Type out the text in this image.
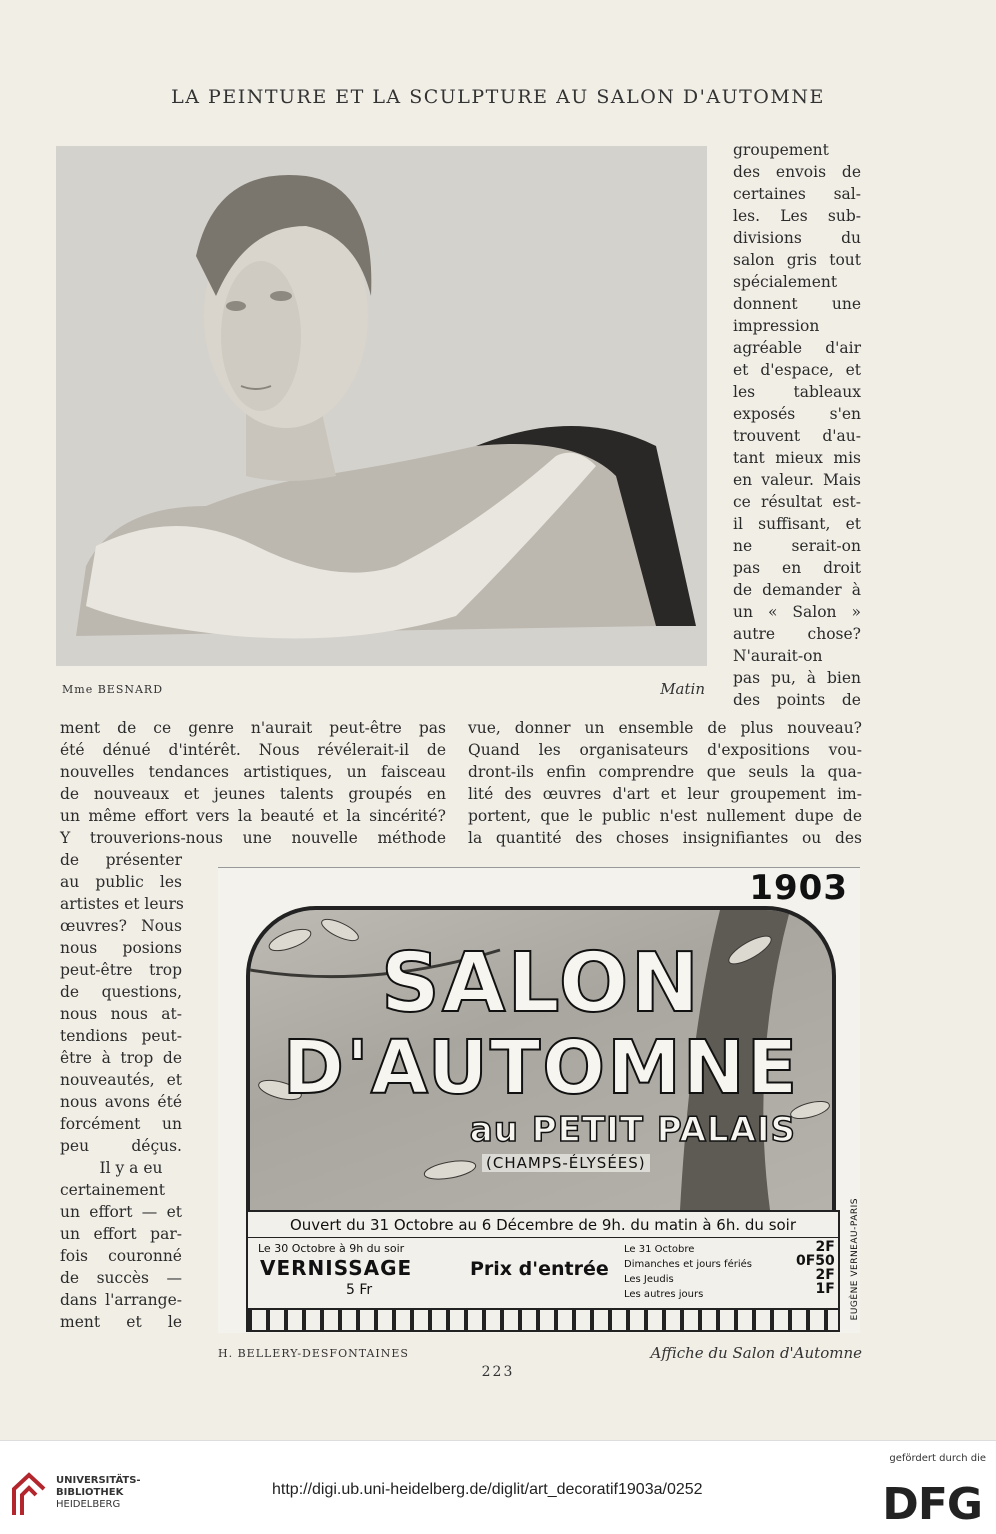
LA PEINTURE ET LA SCULPTURE AU SALON D'AUTOMNE
Mme BESNARD	Matin
groupement
des envois de
certaines sal-
les. Les sub-
divisions du
salon gris tout
spécialement
donnent une
impression
agréable d'air
et d'espace, et
les tableaux
exposés s'en
trouvent d'au-
tant mieux mis
en valeur. Mais
ce résultat est-
il suffisant, et
ne serait-on
pas en droit
de demander à
un « Salon »
autre chose?
N'aurait-on
pas pu, à bien
des points de
ment de ce genre n'aurait peut-être pas
été dénué d'intérêt. Nous révélerait-il de
nouvelles tendances artistiques, un faisceau
de nouveaux et jeunes talents groupés en
un même effort vers la beauté et la sincérité?
Y trouverions-nous une nouvelle méthode
vue, donner un ensemble de plus nouveau?
Quand les organisateurs d'expositions vou-
dront-ils enfin comprendre que seuls la qua-
lité des œuvres d'art et leur groupement im-
portent, que le public n'est nullement dupe de
la quantité des choses insignifiantes ou des
de présenter
au public les
artistes et leurs
œuvres? Nous
nous posions
peut-être trop
de questions,
nous nous at-
tendions peut-
être à trop de
nouveautés, et
nous avons été
forcément un
peu déçus.
Il y a eu
certainement
un effort — et
un effort par-
fois couronné
de succès —
dans l'arrange-
ment et le
1903
SALON
D'AUTOMNE
au PETIT PALAIS
(CHAMPS-ÉLYSÉES)
Ouvert du 31 Octobre au 6 Décembre de 9h. du matin à 6h. du soir
Le 30 Octobre à 9h du soir
VERNISSAGE
5 Fr
Prix d'entrée
Le 31 Octobre
Dimanches et jours fériés
Les Jeudis
Les autres jours
2F
0F50
2F
1F EUGÈNE VERNEAU-PARIS
H. BELLERY-DESFONTAINES	Affiche du Salon d'Automne
223
UNIVERSITÄTS-
BIBLIOTHEK
HEIDELBERG
http://digi.ub.uni-heidelberg.de/diglit/art_decoratif1903a/0252
gefördert durch die
DFG
